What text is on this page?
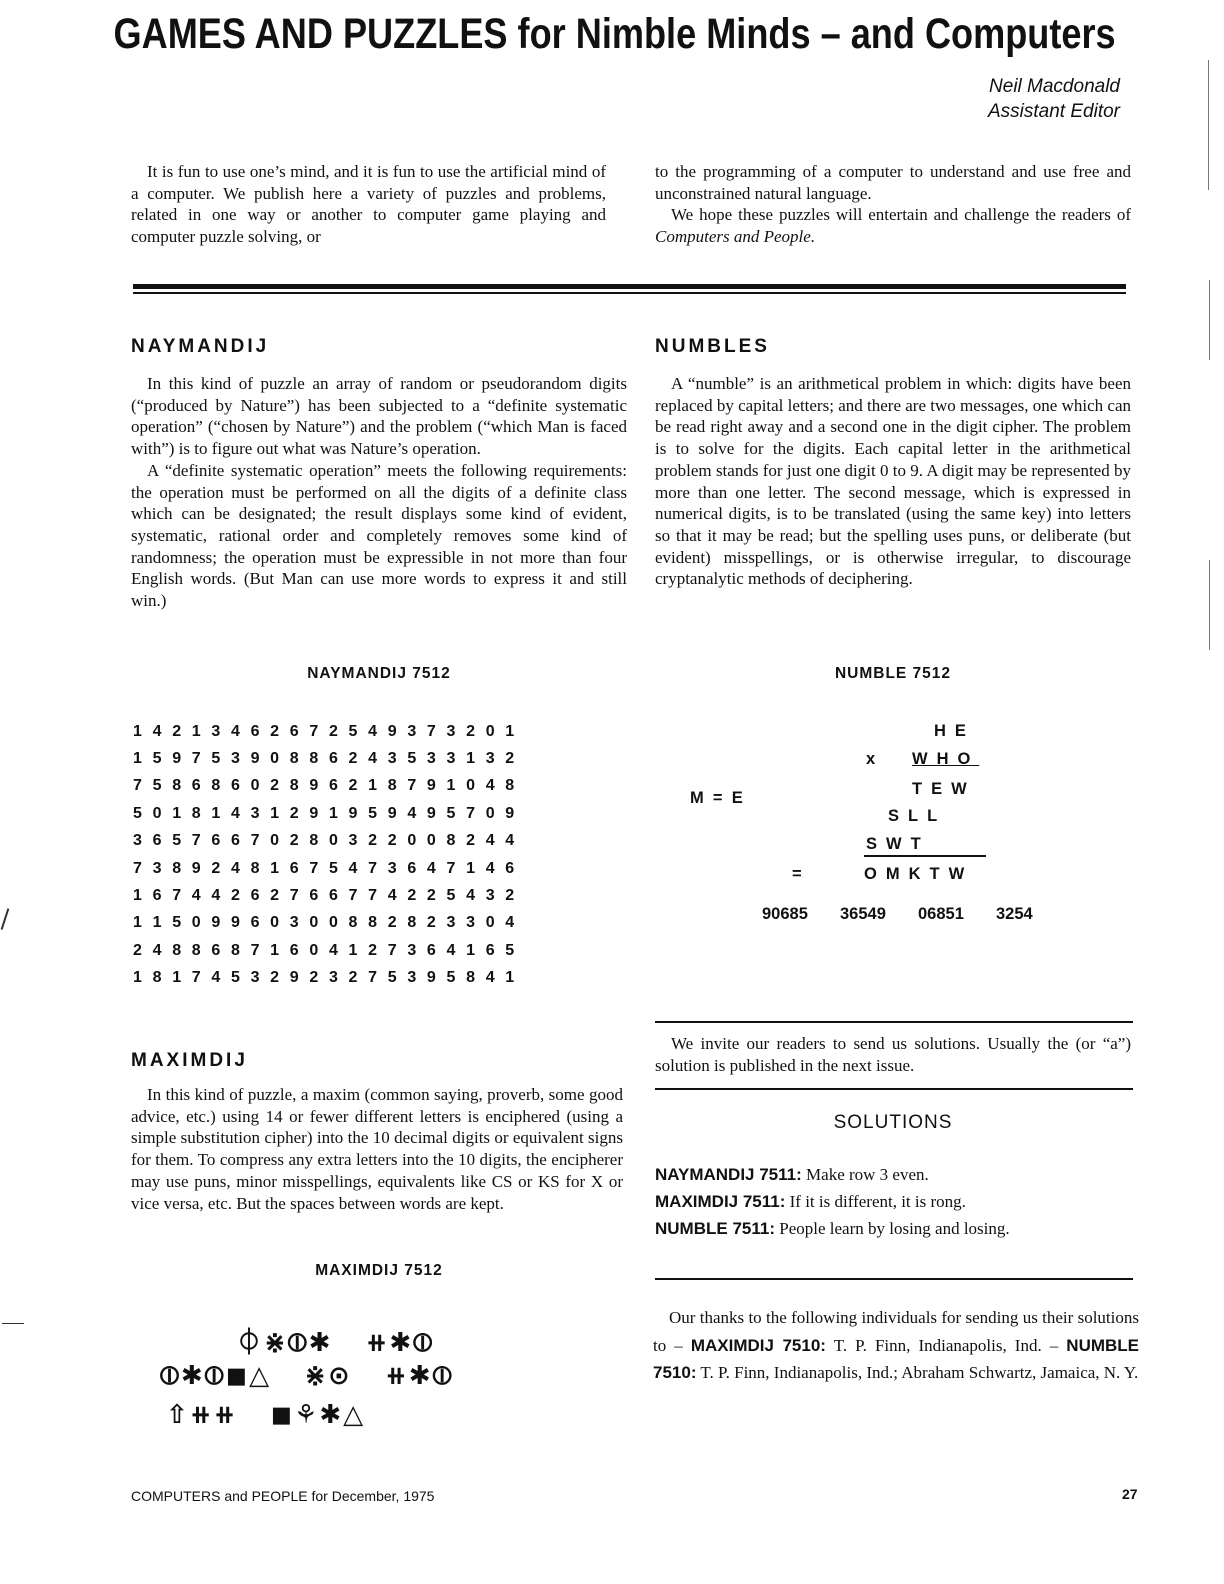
GAMES AND PUZZLES for Nimble Minds – and Computers
Neil Macdonald
Assistant Editor

It is fun to use one’s mind, and it is fun to use the artificial mind of a computer. We publish here a variety of puzzles and problems, related in one way or another to computer game playing and computer puzzle solving, or

to the programming of a computer to understand and use free and unconstrained natural language.

We hope these puzzles will entertain and challenge the readers of Computers and People.

NAYMANDIJ

In this kind of puzzle an array of random or pseudorandom digits (“produced by Nature”) has been subjected to a “definite systematic operation” (“chosen by Nature”) and the problem (“which Man is faced with”) is to figure out what was Nature’s operation.

A “definite systematic operation” meets the following requirements: the operation must be performed on all the digits of a definite class which can be designated; the result displays some kind of evident, systematic, rational order and completely removes some kind of randomness; the operation must be expressible in not more than four English words. (But Man can use more words to express it and still win.)

NAYMANDIJ 7512
1 4 2 1 3 4 6 2 6 7 2 5 4 9 3 7 3 2 0 1
1 5 9 7 5 3 9 0 8 8 6 2 4 3 5 3 3 1 3 2
7 5 8 6 8 6 0 2 8 9 6 2 1 8 7 9 1 0 4 8
5 0 1 8 1 4 3 1 2 9 1 9 5 9 4 9 5 7 0 9
3 6 5 7 6 6 7 0 2 8 0 3 2 2 0 0 8 2 4 4
7 3 8 9 2 4 8 1 6 7 5 4 7 3 6 4 7 1 4 6
1 6 7 4 4 2 6 2 7 6 6 7 7 4 2 2 5 4 3 2
1 1 5 0 9 9 6 0 3 0 0 8 8 2 8 2 3 3 0 4
2 4 8 8 6 8 7 1 6 0 4 1 2 7 3 6 4 1 6 5
1 8 1 7 4 5 3 2 9 2 3 2 7 5 3 9 5 8 4 1
NUMBLES

A “numble” is an arithmetical problem in which: digits have been replaced by capital letters; and there are two messages, one which can be read right away and a second one in the digit cipher. The problem is to solve for the digits. Each capital letter in the arithmetical problem stands for just one digit 0 to 9. A digit may be represented by more than one letter. The second message, which is expressed in numerical digits, is to be translated (using the same key) into letters so that it may be read; but the spelling uses puns, or deliberate (but evident) misspellings, or is otherwise irregular, to discourage cryptanalytic methods of deciphering.

NUMBLE 7512
M  =  E
HE
x WHO
TEW
SLL
SWT
=	OMKTW
90685 36549 06851 3254

We invite our readers to send us solutions. Usually the (or “a”) solution is published in the next issue.

SOLUTIONS
NAYMANDIJ 7511: Make row 3 even.
MAXIMDIJ 7511: If it is different, it is rong.
NUMBLE 7511: People learn by losing and losing.
MAXIMDIJ

In this kind of puzzle, a maxim (common saying, proverb, some good advice, etc.) using 14 or fewer different letters is enciphered (using a simple substitution cipher) into the 10 decimal digits or equivalent signs for them. To compress any extra letters into the 10 digits, the encipherer may use puns, minor misspellings, equivalents like CS or KS for X or vice versa, etc. But the spaces between words are kept.

MAXIMDIJ 7512
⏀⋇⦶✱   ⧺✱⦶
⦶✱⦶◼△   ⋇⊙   ⧺✱⦶
⇧⧺⧺   ◼⚘✱△

Our thanks to the following individuals for sending us their solutions to – MAXIMDIJ 7510: T. P. Finn, Indianapolis, Ind. – NUMBLE 7510: T. P. Finn, Indianapolis, Ind.; Abraham Schwartz, Jamaica, N. Y.

COMPUTERS and PEOPLE for December, 1975	27
